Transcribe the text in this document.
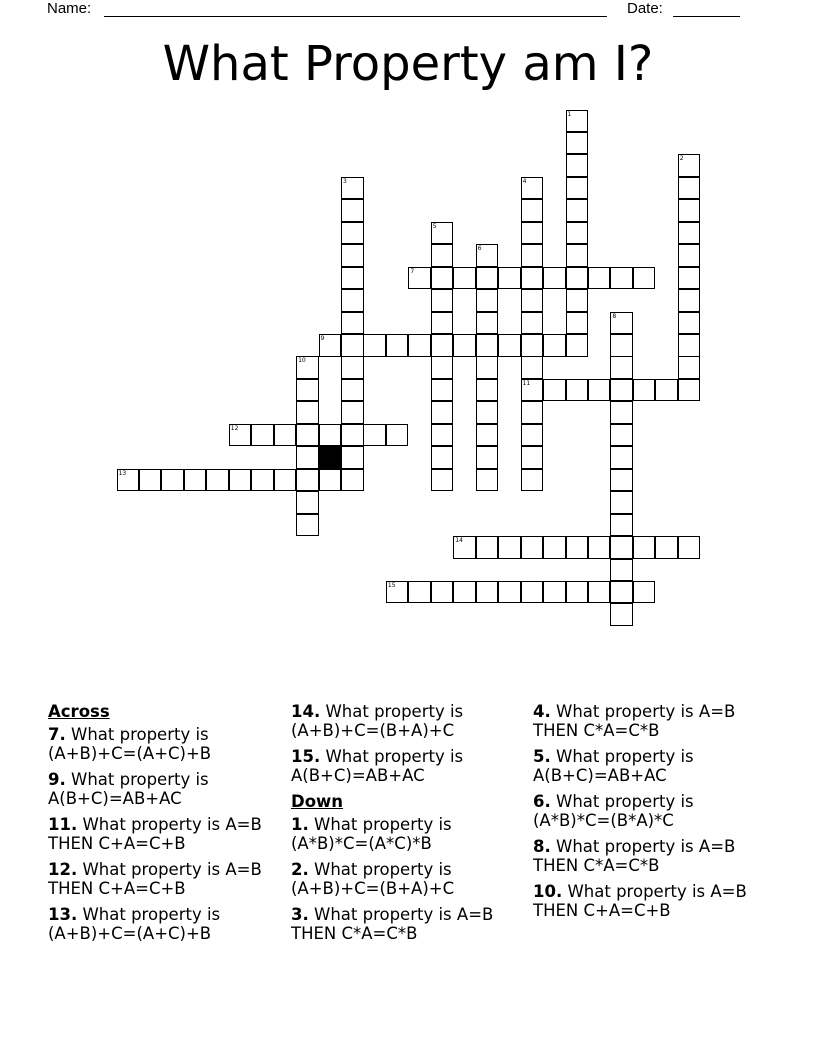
Name:	Date:
What Property am I?
1
2
3	4
5
6
7
8
9
10
11
12
13
14
15
Across
7. What property is (A+B)+C=(A+C)+B
9. What property is A(B+C)=AB+AC
11. What property is A=B THEN C+A=C+B
12. What property is A=B THEN C+A=C+B
13. What property is (A+B)+C=(A+C)+B
14. What property is (A+B)+C=(B+A)+C
15. What property is A(B+C)=AB+AC
Down
1. What property is (A*B)*C=(A*C)*B
2. What property is (A+B)+C=(B+A)+C
3. What property is A=B THEN C*A=C*B
4. What property is A=B THEN C*A=C*B
5. What property is A(B+C)=AB+AC
6. What property is (A*B)*C=(B*A)*C
8. What property is A=B THEN C*A=C*B
10. What property is A=B THEN C+A=C+B
